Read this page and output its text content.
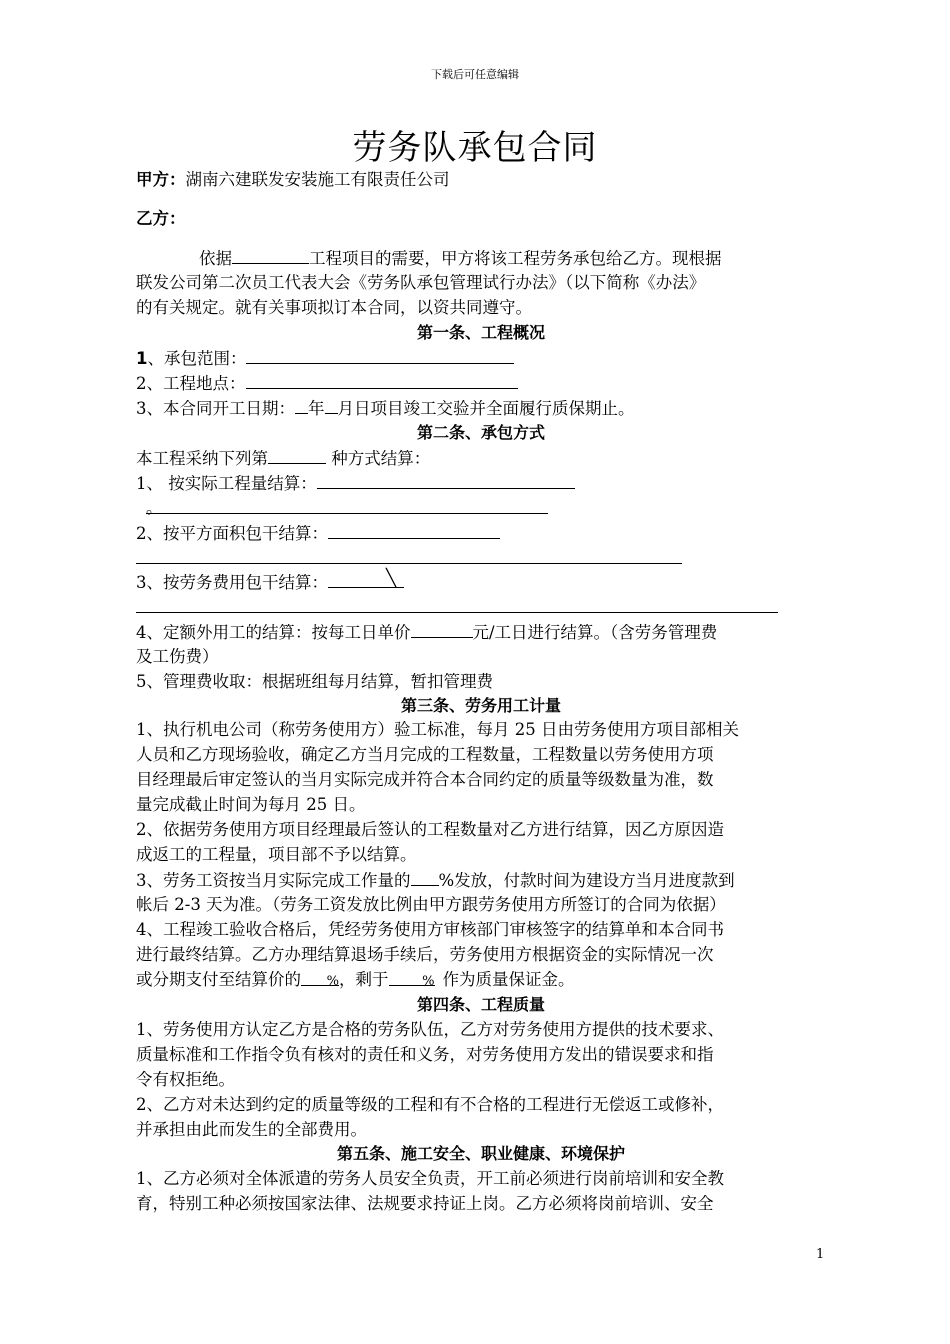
下载后可任意编辑
劳务队承包合同
甲方：湖南六建联发安装施工有限责任公司
乙方：
依据	工程项目的需要，甲方将该工程劳务承包给乙方。现根据
联发公司第二次员工代表大会《劳务队承包管理试行办法》（以下简称《办法》
的有关规定。就有关事项拟订本合同，以资共同遵守。
第一条、工程概况
1、承包范围：
2、工程地点：
3、本合同开工日期： 年 月日项目竣工交验并全面履行质保期止。
第二条、承包方式
本工程采纳下列第	种方式结算：
1、 按实际工程量结算：
。
2、按平方面积包干结算：
3、按劳务费用包干结算：	╲
4、定额外用工的结算：按每工日单价	元/工日进行结算。（含劳务管理费
及工伤费）
5、管理费收取：根据班组每月结算，暂扣管理费
第三条、劳务用工计量
1、执行机电公司（称劳务使用方）验工标准，每月 25 日由劳务使用方项目部相关
人员和乙方现场验收，确定乙方当月完成的工程数量，工程数量以劳务使用方项
目经理最后审定签认的当月实际完成并符合本合同约定的质量等级数量为准，数
量完成截止时间为每月 25 日。
2、依据劳务使用方项目经理最后签认的工程数量对乙方进行结算，因乙方原因造
成返工的工程量，项目部不予以结算。
3、劳务工资按当月实际完成工作量的 %发放，付款时间为建设方当月进度款到
帐后 2-3 天为准。（劳务工资发放比例由甲方跟劳务使用方所签订的合同为依据）
4、工程竣工验收合格后，凭经劳务使用方审核部门审核签字的结算单和本合同书
进行最终结算。乙方办理结算退场手续后，劳务使用方根据资金的实际情况一次
或分期支付至结算价的 %，剩于	% 作为质量保证金。
第四条、工程质量
1、劳务使用方认定乙方是合格的劳务队伍，乙方对劳务使用方提供的技术要求、
质量标准和工作指令负有核对的责任和义务，对劳务使用方发出的错误要求和指
令有权拒绝。
2、乙方对未达到约定的质量等级的工程和有不合格的工程进行无偿返工或修补，
并承担由此而发生的全部费用。
第五条、施工安全、职业健康、环境保护
1、乙方必须对全体派遣的劳务人员安全负责，开工前必须进行岗前培训和安全教
育，特别工种必须按国家法律、法规要求持证上岗。乙方必须将岗前培训、安全
1
